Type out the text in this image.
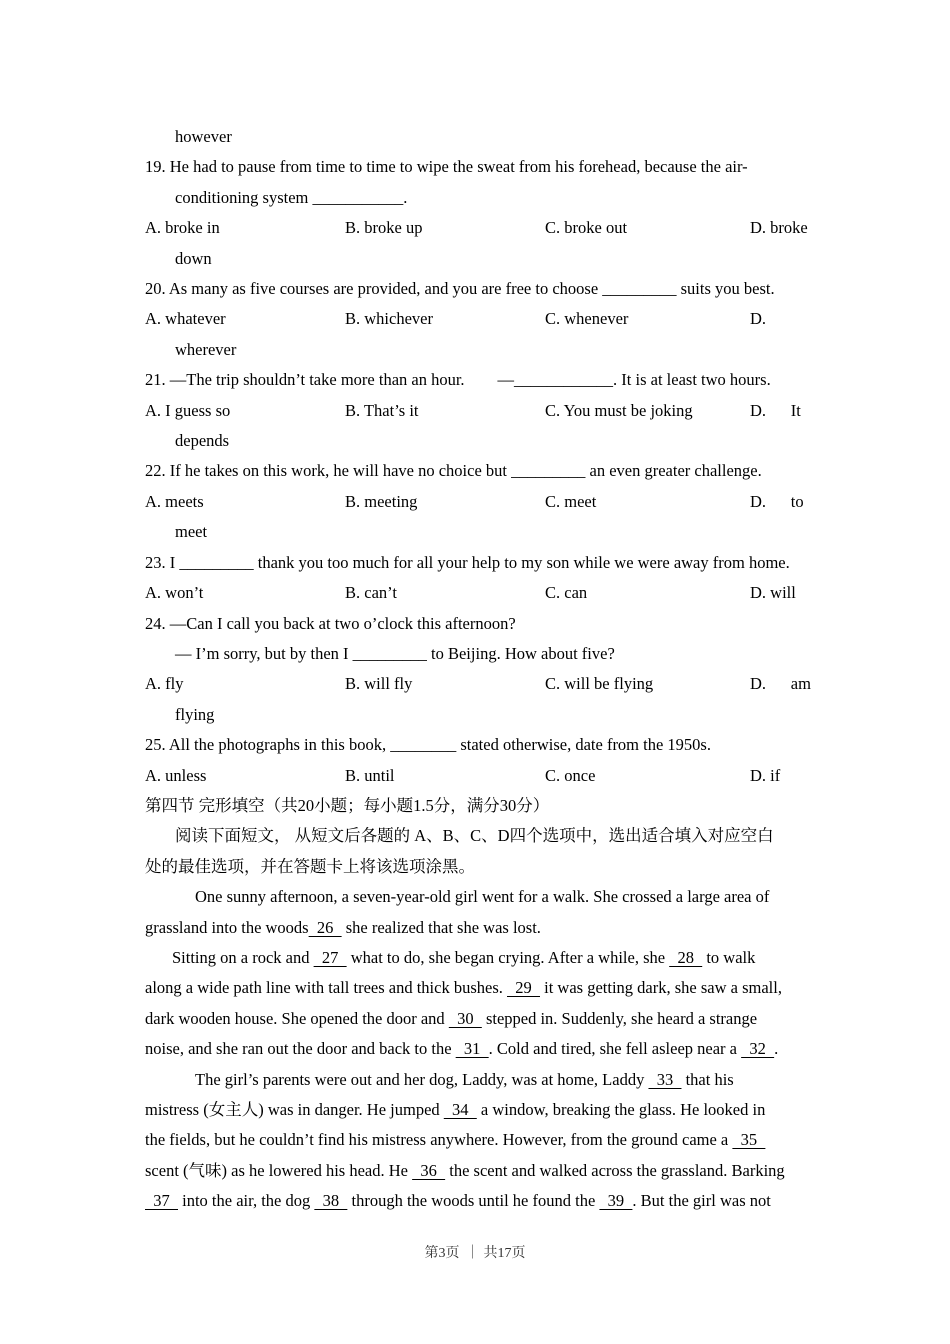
however
19. He had to pause from time to time to wipe the sweat from his forehead, because the air-
conditioning system ___________.
A. broke in	B. broke up	C. broke out	D. broke
down
20. As many as five courses are provided, and you are free to choose _________ suits you best.
A. whatever	B. whichever	C. whenever	D.
wherever
21. —The trip shouldn’t take more than an hour.        —____________. It is at least two hours.
A. I guess so	B. That’s it	C. You must be joking	D.      It
depends
22. If he takes on this work, he will have no choice but _________ an even greater challenge.
A. meets	B. meeting	C. meet	D.      to
meet
23. I _________ thank you too much for all your help to my son while we were away from home.
A. won’t	B. can’t	C. can	D. will
24. —Can I call you back at two o’clock this afternoon?
— I’m sorry, but by then I _________ to Beijing. How about five?
A. fly	B. will fly	C. will be flying	D.      am
flying
25. All the photographs in this book, ________ stated otherwise, date from the 1950s.
A. unless	B. until	C. once	D. if
第四节 完形填空（共20小题；每小题1.5分，满分30分）
阅读下面短文， 从短文后各题的 A、B、C、D四个选项中，选出适合填入对应空白
处的最佳选项，并在答题卡上将该选项涂黑。
One sunny afternoon, a seven-year-old girl went for a walk. She crossed a large area of
grassland into the woods  26   she realized that she was lost.
Sitting on a rock and   27   what to do, she began crying. After a while, she   28   to walk
along a wide path line with tall trees and thick bushes.   29   it was getting dark, she saw a small,
dark wooden house. She opened the door and   30   stepped in. Suddenly, she heard a strange
noise, and she ran out the door and back to the   31  . Cold and tired, she fell asleep near a   32  .
The girl’s parents were out and her dog, Laddy, was at home, Laddy   33   that his
mistress (女主人) was in danger. He jumped   34   a window, breaking the glass. He looked in
the fields, but he couldn’t find his mistress anywhere. However, from the ground came a   35
scent (气味) as he lowered his head. He   36   the scent and walked across the grassland. Barking
37   into the air, the dog   38   through the woods until he found the   39  . But the girl was not
第3页 ｜ 共17页
